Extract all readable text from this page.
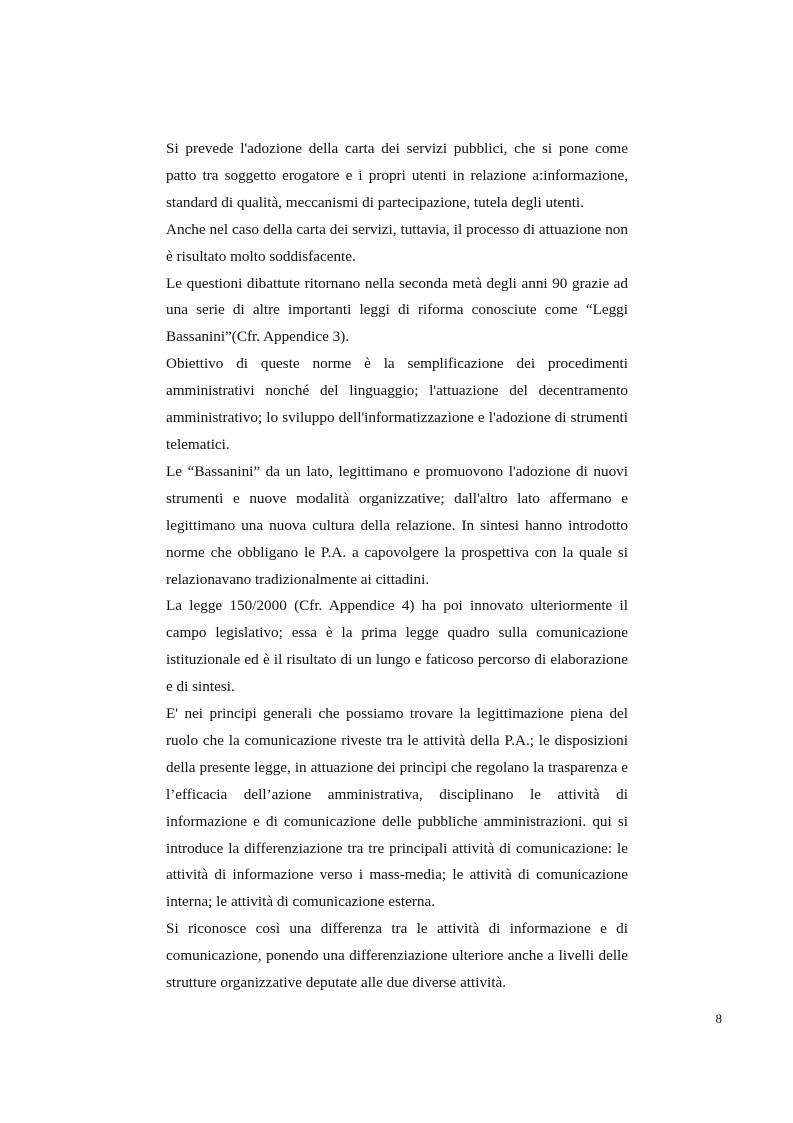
Si prevede l'adozione della carta dei servizi pubblici, che si pone come patto tra soggetto erogatore e i propri utenti in relazione a:informazione, standard di qualità, meccanismi di partecipazione, tutela degli utenti.

Anche nel caso della carta dei servizi, tuttavia, il processo di attuazione non è risultato molto soddisfacente.

Le questioni dibattute ritornano nella seconda metà degli anni 90 grazie ad una serie di altre importanti leggi di riforma conosciute come “Leggi Bassanini”(Cfr. Appendice 3).

Obiettivo di queste norme è la semplificazione dei procedimenti amministrativi nonché del linguaggio; l'attuazione del decentramento amministrativo; lo sviluppo dell'informatizzazione e l'adozione di strumenti telematici.

Le “Bassanini” da un lato, legittimano e promuovono l'adozione di nuovi strumenti e nuove modalità organizzative; dall'altro lato affermano e legittimano una nuova cultura della relazione. In sintesi hanno introdotto norme che obbligano le P.A. a capovolgere la prospettiva con la quale si relazionavano tradizionalmente ai cittadini.

La legge 150/2000 (Cfr. Appendice 4) ha poi innovato ulteriormente il campo legislativo; essa è la prima legge quadro sulla comunicazione istituzionale ed è il risultato di un lungo e faticoso percorso di elaborazione e di sintesi.

E' nei principi generali che possiamo trovare la legittimazione piena del ruolo che la comunicazione riveste tra le attività della P.A.; le disposizioni della presente legge, in attuazione dei princìpi che regolano la trasparenza e l’efficacia dell’azione amministrativa, disciplinano le attività di informazione e di comunicazione delle pubbliche amministrazioni. qui si introduce la differenziazione tra tre principali attività di comunicazione: le attività di informazione verso i mass-media; le attività di comunicazione interna; le attività di comunicazione esterna.

Si riconosce così una differenza tra le attività di informazione e di comunicazione, ponendo una differenziazione ulteriore anche a livelli delle strutture organizzative deputate alle due diverse attività.

8
